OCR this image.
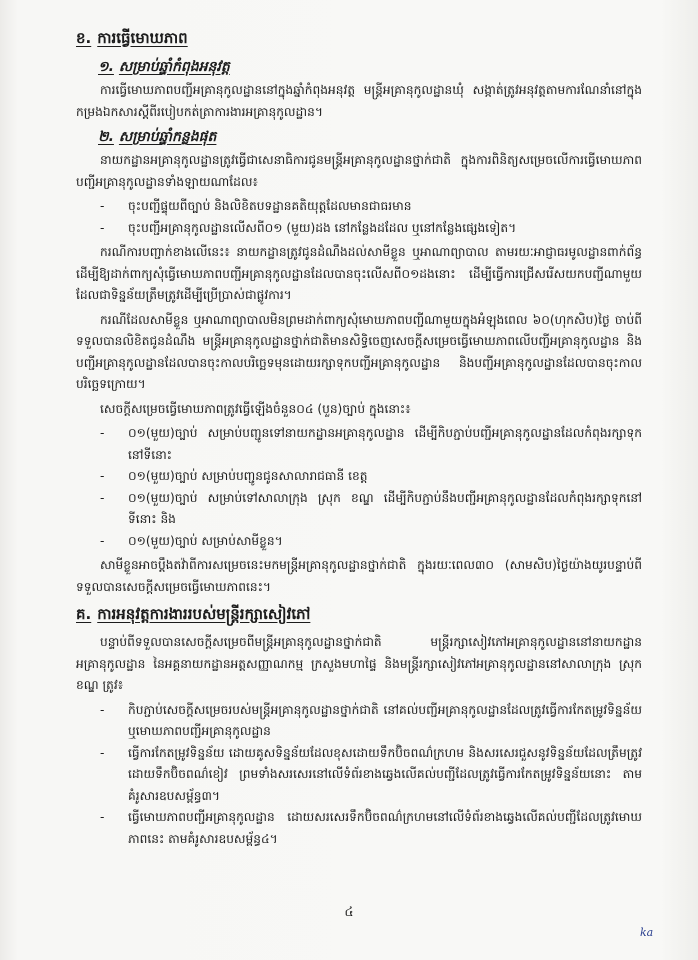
ខ. ការធ្វើមោឃភាព
១. សម្រាប់ឆ្នាំកំពុងអនុវត្ត

ការធ្វើមោឃភាពបញ្ជីអគ្រានុកូលដ្ឋាននៅក្នុងឆ្នាំកំពុងអនុវត្ត មន្ត្រីអគ្រានុកូលដ្ឋានឃុំ សង្កាត់ត្រូវអនុវត្តតាមការណែនាំនៅក្នុងកម្រងឯកសារស្តីពីរបៀបកត់ត្រាការងារអគ្រានុកូលដ្ឋាន។

២. សម្រាប់ឆ្នាំកន្លងផុត

នាយកដ្ឋានអគ្រានុកូលដ្ឋានត្រូវធ្វើជាសេនាធិការជូនមន្ត្រីអគ្រានុកូលដ្ឋានថ្នាក់ជាតិ ក្នុងការពិនិត្យសម្រេចលើការធ្វើមោឃភាពបញ្ជីអគ្រានុកូលដ្ឋានទាំងឡាយណាដែល៖

- ចុះបញ្ជីផ្ទុយពីច្បាប់ និងលិខិតបទដ្ឋានគតិយុត្តដែលមានជាធរមាន
- ចុះបញ្ជីអគ្រានុកូលដ្ឋានលើសពី០១ (មួយ)ដង នៅកន្លែងដដែល ឬនៅកន្លែងផ្សេងទៀត។

ករណីការបញ្ជាក់ខាងលើនេះ៖ នាយកដ្ឋានត្រូវជូនដំណឹងដល់សាមីខ្លួន ឬអាណាព្យាបាល តាមរយៈអាជ្ញាធរមូលដ្ឋានពាក់ព័ន្ធ ដើម្បីឱ្យដាក់ពាក្យសុំធ្វើមោឃភាពបញ្ជីអគ្រានុកូលដ្ឋានដែលបានចុះលើសពី០១ដងនោះ ដើម្បីធ្វើការជ្រើសរើសយកបញ្ជីណាមួយដែលជាទិន្នន័យត្រឹមត្រូវដើម្បីប្រើប្រាស់ជាផ្លូវការ។

ករណីដែលសាមីខ្លួន ឬអាណាព្យាបាលមិនព្រមដាក់ពាក្យសុំមោឃភាពបញ្ជីណាមួយក្នុងអំឡុងពេល ៦០(ហុកសិប)ថ្ងៃ ចាប់ពីទទួលបានលិខិតជូនដំណឹង មន្ត្រីអគ្រានុកូលដ្ឋានថ្នាក់ជាតិមានសិទ្ធិចេញសេចក្តីសម្រេចធ្វើមោឃភាពលើបញ្ជីអគ្រានុកូលដ្ឋាន និងបញ្ជីអគ្រានុកូលដ្ឋានដែលបានចុះកាលបរិច្ឆេទមុនដោយរក្សាទុកបញ្ជីអគ្រានុកូលដ្ឋាន និងបញ្ជីអគ្រានុកូលដ្ឋានដែលបានចុះកាលបរិច្ឆេទក្រោយ។

សេចក្តីសម្រេចធ្វើមោឃភាពត្រូវធ្វើឡើងចំនួន០៤ (បួន)ច្បាប់ ក្នុងនោះ៖

- ០១(មួយ)ច្បាប់ សម្រាប់បញ្ជូនទៅនាយកដ្ឋានអគ្រានុកូលដ្ឋាន ដើម្បីកិបភ្ជាប់បញ្ជីអគ្រានុកូលដ្ឋានដែលកំពុងរក្សាទុកនៅទីនោះ
- ០១(មួយ)ច្បាប់ សម្រាប់បញ្ជូនជូនសាលារាជធានី ខេត្ត
- ០១(មួយ)ច្បាប់ សម្រាប់ទៅសាលាក្រុង ស្រុក ខណ្ឌ ដើម្បីកិបភ្ជាប់នឹងបញ្ជីអគ្រានុកូលដ្ឋានដែលកំពុងរក្សាទុកនៅទីនោះ និង
- ០១(មួយ)ច្បាប់ សម្រាប់សាមីខ្លួន។

សាមីខ្លួនអាចប្តឹងតវ៉ាពីការសម្រេចនេះមកមន្ត្រីអគ្រានុកូលដ្ឋានថ្នាក់ជាតិ ក្នុងរយៈពេល៣០ (សាមសិប)ថ្ងៃយ៉ាងយូរបន្ទាប់ពីទទួលបានសេចក្តីសម្រេចធ្វើមោឃភាពនេះ។

គ. ការអនុវត្តការងាររបស់មន្ត្រីរក្សាសៀវភៅ

បន្ទាប់ពីទទួលបានសេចក្តីសម្រេចពីមន្ត្រីអគ្រានុកូលដ្ឋានថ្នាក់ជាតិ មន្ត្រីរក្សាសៀវភៅអគ្រានុកូលដ្ឋាននៅនាយកដ្ឋានអគ្រានុកូលដ្ឋាន នៃអគ្គនាយកដ្ឋានអត្តសញ្ញាណកម្ម ក្រសួងមហាផ្ទៃ និងមន្ត្រីរក្សាសៀវភៅអគ្រានុកូលដ្ឋាននៅសាលាក្រុង ស្រុក ខណ្ឌ ត្រូវ៖

- កិបភ្ជាប់សេចក្តីសម្រេចរបស់មន្ត្រីអគ្រានុកូលដ្ឋានថ្នាក់ជាតិ នៅគល់បញ្ជីអគ្រានុកូលដ្ឋានដែលត្រូវធ្វើការកែតម្រូវទិន្នន័យ ឬមោឃភាពបញ្ជីអគ្រានុកូលដ្ឋាន
- ធ្វើការកែតម្រូវទិន្នន័យ ដោយគូសទិន្នន័យដែលខុសដោយទឹកប៊ិចពណ៌ក្រហម និងសរសេរជួសនូវទិន្នន័យដែលត្រឹមត្រូវដោយទឹកប៊ិចពណ៌ខៀវ ព្រមទាំងសរសេរនៅលើទំព័រខាងឆ្វេងលើគល់បញ្ជីដែលត្រូវធ្វើការកែតម្រូវទិន្នន័យនោះ តាមគំរូសារឧបសម្ព័ន្ធ៣។
- ធ្វើមោឃភាពបញ្ជីអគ្រានុកូលដ្ឋាន ដោយសរសេរទឹកប៊ិចពណ៌ក្រហមនៅលើទំព័រខាងឆ្វេងលើគល់បញ្ជីដែលត្រូវមោឃភាពនេះ តាមគំរូសារឧបសម្ព័ន្ធ៤។
៤
ka
